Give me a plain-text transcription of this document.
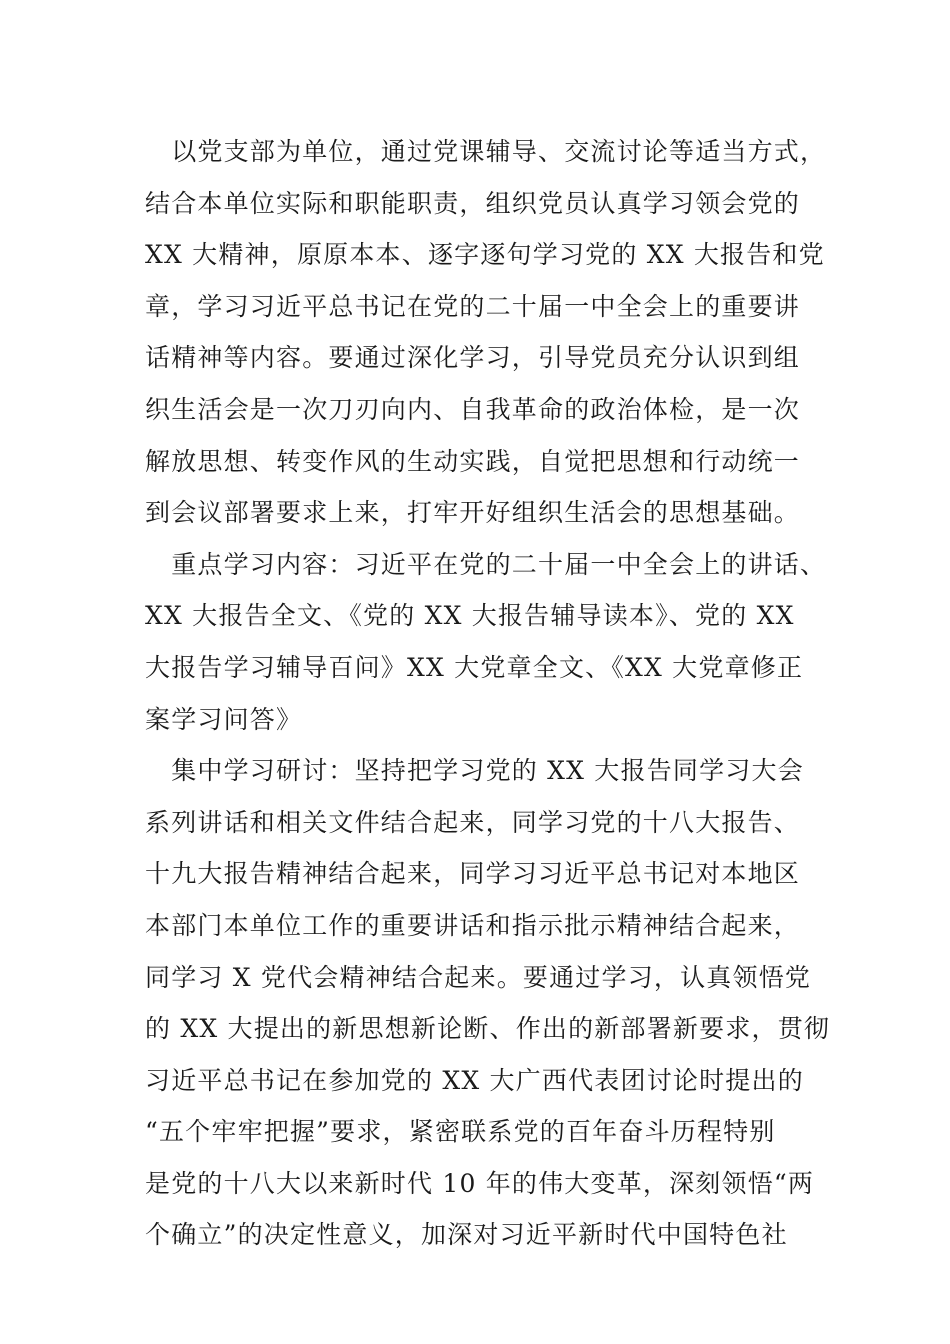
　以党支部为单位，通过党课辅导、交流讨论等适当方式，

结合本单位实际和职能职责，组织党员认真学习领会党的

XX 大精神，原原本本、逐字逐句学习党的 XX 大报告和党

章，学习习近平总书记在党的二十届一中全会上的重要讲

话精神等内容。要通过深化学习，引导党员充分认识到组

织生活会是一次刀刃向内、自我革命的政治体检，是一次

解放思想、转变作风的生动实践，自觉把思想和行动统一

到会议部署要求上来，打牢开好组织生活会的思想基础。

　重点学习内容：习近平在党的二十届一中全会上的讲话、

XX 大报告全文、《党的 XX 大报告辅导读本》、党的 XX

大报告学习辅导百问》XX 大党章全文、《XX 大党章修正

案学习问答》

　集中学习研讨：坚持把学习党的 XX 大报告同学习大会

系列讲话和相关文件结合起来，同学习党的十八大报告、

十九大报告精神结合起来，同学习习近平总书记对本地区

本部门本单位工作的重要讲话和指示批示精神结合起来，

同学习 X 党代会精神结合起来。要通过学习，认真领悟党

的 XX 大提出的新思想新论断、作出的新部署新要求，贯彻

习近平总书记在参加党的 XX 大广西代表团讨论时提出的

“五个牢牢把握”要求，紧密联系党的百年奋斗历程特别

是党的十八大以来新时代 10 年的伟大变革，深刻领悟“两

个确立”的决定性意义，加深对习近平新时代中国特色社
